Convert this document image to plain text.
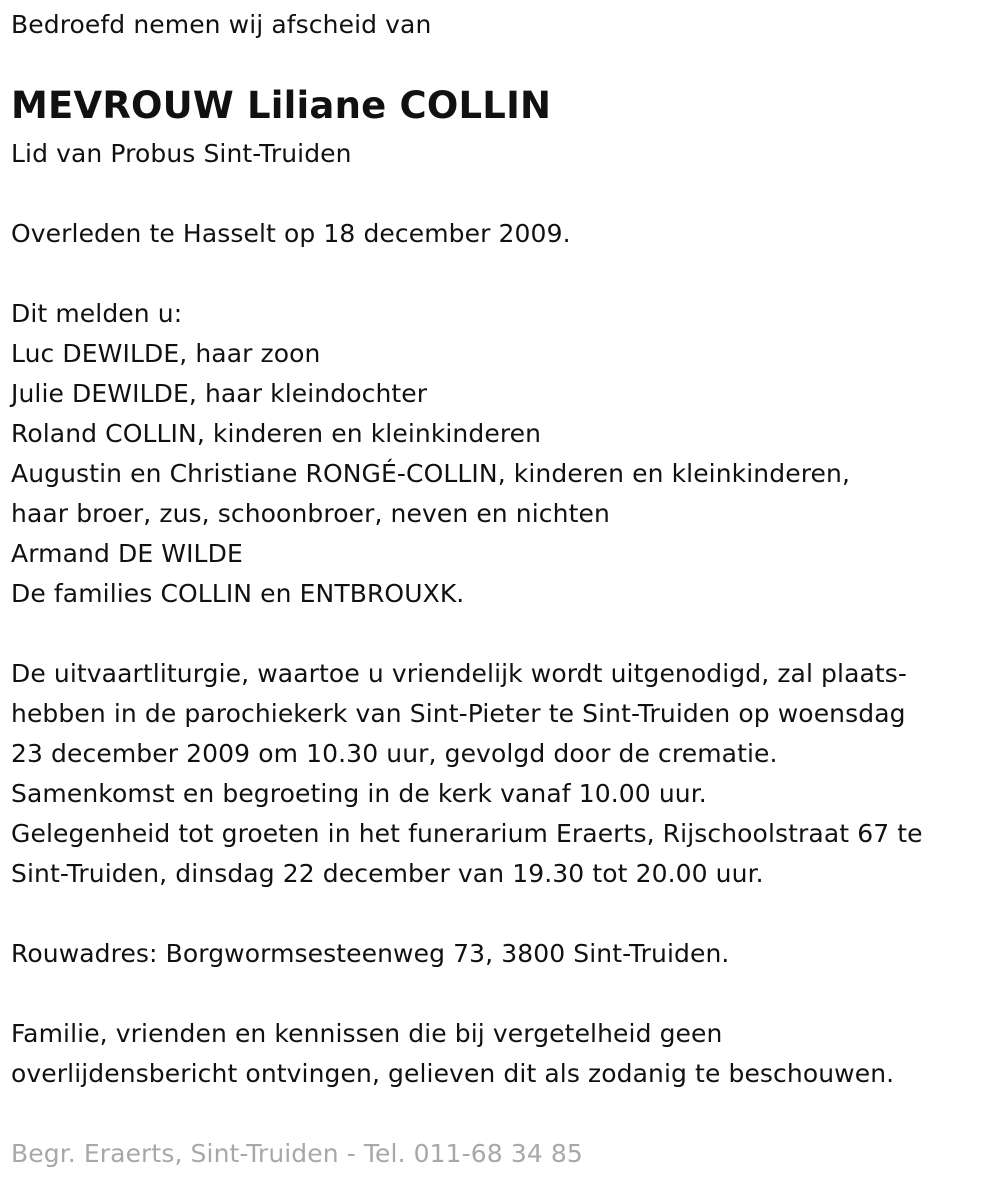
Bedroefd nemen wij afscheid van
MEVROUW Liliane COLLIN
Lid van Probus Sint-Truiden
Overleden te Hasselt op 18 december 2009.
Dit melden u:
Luc DEWILDE, haar zoon
Julie DEWILDE, haar kleindochter
Roland COLLIN, kinderen en kleinkinderen
Augustin en Christiane RONGÉ-COLLIN, kinderen en kleinkinderen,
haar broer, zus, schoonbroer, neven en nichten
Armand DE WILDE
De families COLLIN en ENTBROUXK.
De uitvaartliturgie, waartoe u vriendelijk wordt uitgenodigd, zal plaats-
hebben in de parochiekerk van Sint-Pieter te Sint-Truiden op woensdag
23 december 2009 om 10.30 uur, gevolgd door de crematie.
Samenkomst en begroeting in de kerk vanaf 10.00 uur.
Gelegenheid tot groeten in het funerarium Eraerts, Rijschoolstraat 67 te
Sint-Truiden, dinsdag 22 december van 19.30 tot 20.00 uur.
Rouwadres: Borgwormsesteenweg 73, 3800 Sint-Truiden.
Familie, vrienden en kennissen die bij vergetelheid geen
overlijdensbericht ontvingen, gelieven dit als zodanig te beschouwen.
Begr. Eraerts, Sint-Truiden - Tel. 011-68 34 85
